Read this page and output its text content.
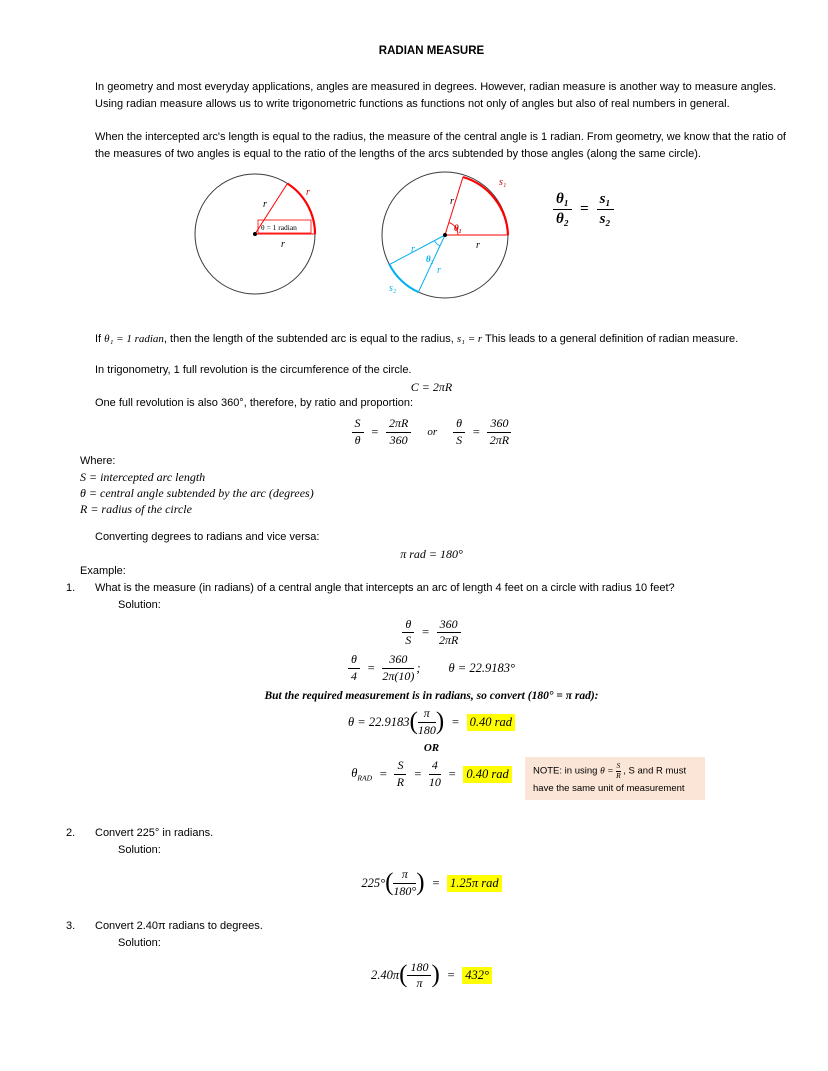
RADIAN MEASURE

In geometry and most everyday applications, angles are measured in degrees. However, radian measure is another way to measure angles. Using radian measure allows us to write trigonometric functions as functions not only of angles but also of real numbers in general.

When the intercepted arc's length is equal to the radius, the measure of the central angle is 1 radian. From geometry, we know that the ratio of the measures of two angles is equal to the ratio of the lengths of the arcs subtended by those angles (along the same circle).

r
r
θ = 1 radian
r
s₁
r
θ₁
r
θ₂
r
r
s₂
$\frac{\text{θ₁}}{\text{θ₂}} = \frac{\text{s₁}}{\text{s₂}}$

If θ₁ = 1 radian, then the length of the subtended arc is equal to the radius, s₁ = r This leads to a general definition of radian measure.

In trigonometry, 1 full revolution is the circumference of the circle.
C = 2πR
One full revolution is also 360°, therefore, by ratio and proportion:
$\frac{S}{\theta} = \frac{2\pi R}{360}$ or $\frac{\theta}{S} = \frac{360}{2\pi R}$
Where:
S = intercepted arc length
θ = central angle subtended by the arc (degrees)
R = radius of the circle
Converting degrees to radians and vice versa:
π rad = 180°
Example:
1. What is the measure (in radians) of a central angle that intercepts an arc of length 4 feet on a circle with radius 10 feet?
Solution:
$\frac{\theta}{S} = \frac{360}{2\pi R}$
$\frac{\theta}{4} = \frac{360}{2\pi(10)}$ ; θ = 22.9183°
But the required measurement is in radians, so convert (180° = π rad):
θ = 22.9183 ( $\frac{\pi}{180}$ ) = 0.40 rad
OR
$\theta_{RAD} = \frac{S}{R} = \frac{4}{10} = 0.40$ rad	NOTE: in using $\theta = \frac{S}{R}$ , S and R must
have the same unit of measurement
2. Convert 225° in radians.
Solution:
225° ( $\frac{\pi}{180^\circ}$ ) = 1.25π rad
3. Convert 2.40π radians to degrees.
Solution:
2.40π ( $\frac{180}{\pi}$ ) = 432°
